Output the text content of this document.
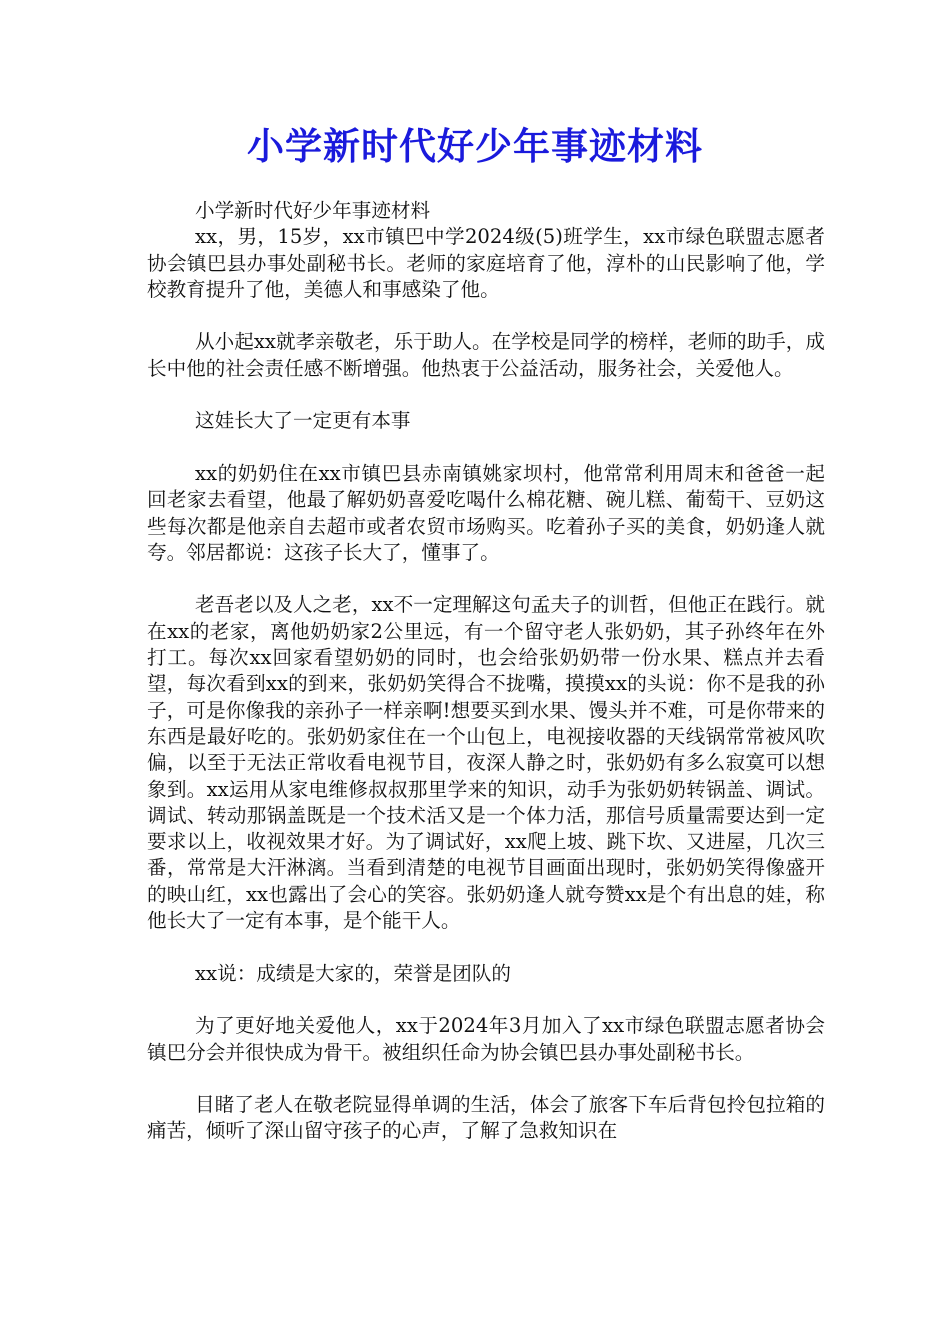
小学新时代好少年事迹材料

小学新时代好少年事迹材料

xx，男，15岁，xx市镇巴中学2024级(5)班学生，xx市绿色联盟志愿者协会镇巴县办事处副秘书长。老师的家庭培育了他，淳朴的山民影响了他，学校教育提升了他，美德人和事感染了他。

从小起xx就孝亲敬老，乐于助人。在学校是同学的榜样，老师的助手，成长中他的社会责任感不断增强。他热衷于公益活动，服务社会，关爱他人。

这娃长大了一定更有本事

xx的奶奶住在xx市镇巴县赤南镇姚家坝村，他常常利用周末和爸爸一起回老家去看望，他最了解奶奶喜爱吃喝什么棉花糖、碗儿糕、葡萄干、豆奶这些每次都是他亲自去超市或者农贸市场购买。吃着孙子买的美食，奶奶逢人就夸。邻居都说：这孩子长大了，懂事了。

老吾老以及人之老，xx不一定理解这句孟夫子的训哲，但他正在践行。就在xx的老家，离他奶奶家2公里远，有一个留守老人张奶奶，其子孙终年在外打工。每次xx回家看望奶奶的同时，也会给张奶奶带一份水果、糕点并去看望，每次看到xx的到来，张奶奶笑得合不拢嘴，摸摸xx的头说：你不是我的孙子，可是你像我的亲孙子一样亲啊!想要买到水果、馒头并不难，可是你带来的东西是最好吃的。张奶奶家住在一个山包上，电视接收器的天线锅常常被风吹偏，以至于无法正常收看电视节目，夜深人静之时，张奶奶有多么寂寞可以想象到。xx运用从家电维修叔叔那里学来的知识，动手为张奶奶转锅盖、调试。调试、转动那锅盖既是一个技术活又是一个体力活，那信号质量需要达到一定要求以上，收视效果才好。为了调试好，xx爬上坡、跳下坎、又进屋，几次三番，常常是大汗淋漓。当看到清楚的电视节目画面出现时，张奶奶笑得像盛开的映山红，xx也露出了会心的笑容。张奶奶逢人就夸赞xx是个有出息的娃，称他长大了一定有本事，是个能干人。

xx说：成绩是大家的，荣誉是团队的

为了更好地关爱他人，xx于2024年3月加入了xx市绿色联盟志愿者协会镇巴分会并很快成为骨干。被组织任命为协会镇巴县办事处副秘书长。

目睹了老人在敬老院显得单调的生活，体会了旅客下车后背包拎包拉箱的痛苦，倾听了深山留守孩子的心声，了解了急救知识在
